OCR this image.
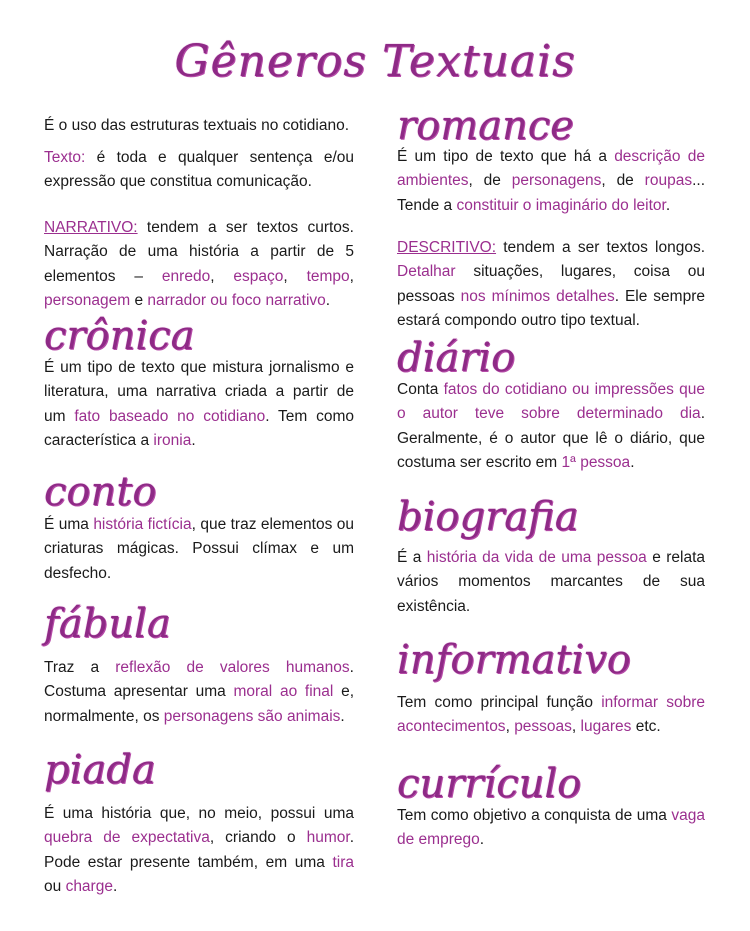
Gêneros Textuais

É o uso das estruturas textuais no cotidiano.

Texto: é toda e qualquer sentença e/ou expressão que constitua comunicação.

NARRATIVO: tendem a ser textos curtos. Narração de uma história a partir de 5 elementos – enredo, espaço, tempo, personagem e narrador ou foco narrativo.

crônica

É um tipo de texto que mistura jornalismo e literatura, uma narrativa criada a partir de um fato baseado no cotidiano. Tem como característica a ironia.

conto

É uma história fictícia, que traz elementos ou criaturas mágicas. Possui clímax e um desfecho.

fábula

Traz a reflexão de valores humanos. Costuma apresentar uma moral ao final e, normalmente, os personagens são animais.

piada

É uma história que, no meio, possui uma quebra de expectativa, criando o humor. Pode estar presente também, em uma tira ou charge.

romance

É um tipo de texto que há a descrição de ambientes, de personagens, de roupas... Tende a constituir o imaginário do leitor.

DESCRITIVO: tendem a ser textos longos. Detalhar situações, lugares, coisa ou pessoas nos mínimos detalhes. Ele sempre estará compondo outro tipo textual.

diário

Conta fatos do cotidiano ou impressões que o autor teve sobre determinado dia. Geralmente, é o autor que lê o diário, que costuma ser escrito em 1ª pessoa.

biografia

É a história da vida de uma pessoa e relata vários momentos marcantes de sua existência.

informativo

Tem como principal função informar sobre acontecimentos, pessoas, lugares etc.

currículo

Tem como objetivo a conquista de uma vaga de emprego.
